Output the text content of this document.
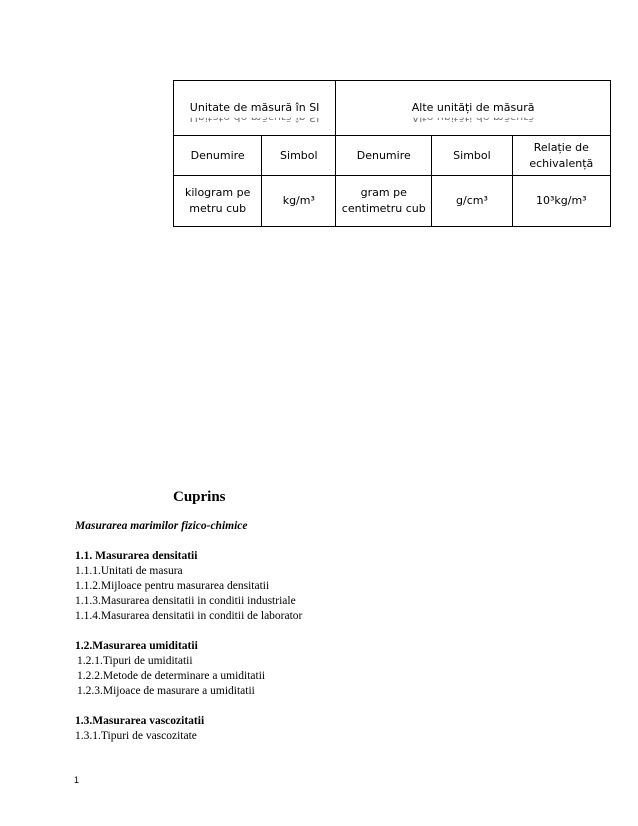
Unitate de măsură în SI Unitate de măsură în SI		Alte unități de măsură Alte unități de măsură
Denumire	Simbol	Denumire	Simbol	Relație de echivalență
kilogram pe metru cub	kg/m³	gram pe centimetru cub	g/cm³	10³kg/m³
Cuprins
Masurarea marimilor fizico-chimice
1.1. Masurarea densitatii
1.1.1.Unitati de masura
1.1.2.Mijloace pentru masurarea densitatii
1.1.3.Masurarea densitatii in conditii industriale
1.1.4.Masurarea densitatii in conditii de laborator
1.2.Masurarea umiditatii
1.2.1.Tipuri de umiditatii
1.2.2.Metode de determinare a umiditatii
1.2.3.Mijoace de masurare a umiditatii
1.3.Masurarea vascozitatii
1.3.1.Tipuri de vascozitate
1
